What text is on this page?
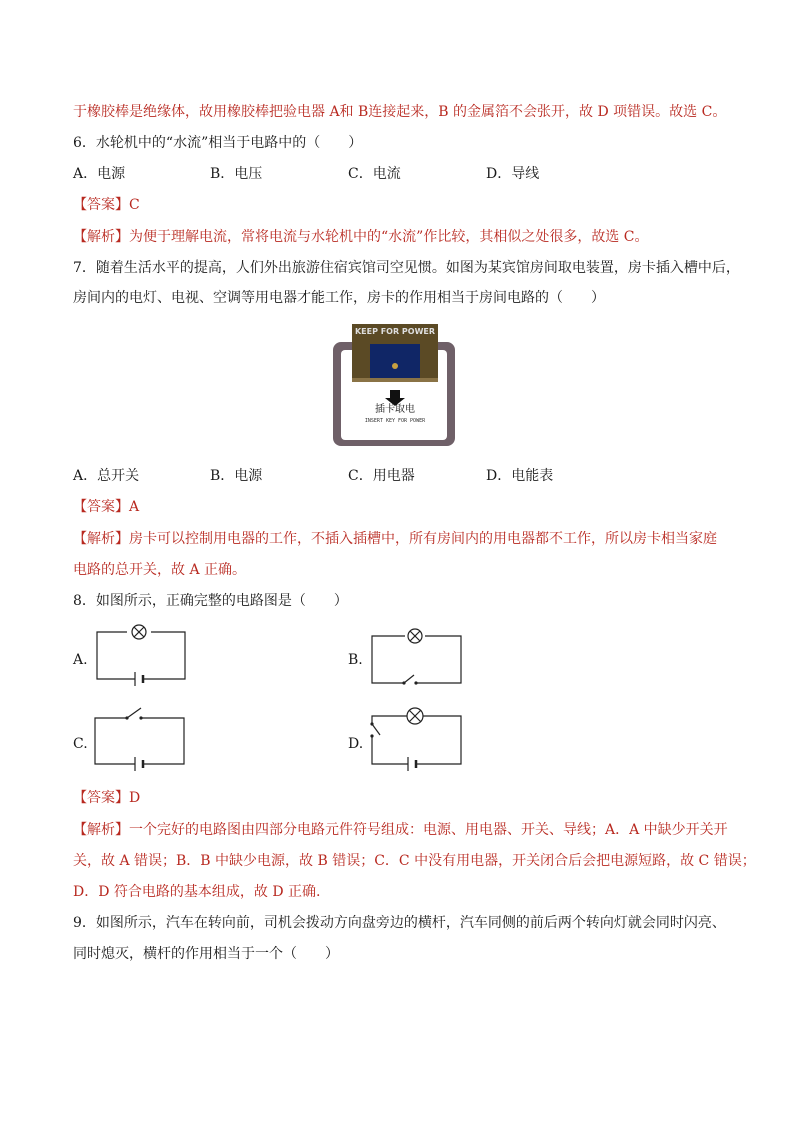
于橡胶棒是绝缘体，故用橡胶棒把验电器 A和 B连接起来，B 的金属箔不会张开，故 D 项错误。故选 C。
6．水轮机中的“水流”相当于电路中的（　　）
A．电源	B．电压	C．电流	D．导线
【答案】C
【解析】为便于理解电流，常将电流与水轮机中的“水流”作比较，其相似之处很多，故选 C。
7．随着生活水平的提高，人们外出旅游住宿宾馆司空见惯。如图为某宾馆房间取电装置，房卡插入槽中后，
房间内的电灯、电视、空调等用电器才能工作，房卡的作用相当于房间电路的（　　）
KEEP FOR POWER
插卡取电
INSERT KEY FOR POWER
A．总开关	B．电源	C．用电器	D．电能表
【答案】A
【解析】房卡可以控制用电器的工作，不插入插槽中，所有房间内的用电器都不工作，所以房卡相当家庭
电路的总开关，故 A 正确。
8．如图所示，正确完整的电路图是（　　）
A.	B.
C.	D.
【答案】D
【解析】一个完好的电路图由四部分电路元件符号组成：电源、用电器、开关、导线；A．A 中缺少开关开
关，故 A 错误；B．B 中缺少电源，故 B 错误；C．C 中没有用电器，开关闭合后会把电源短路，故 C 错误；
D．D 符合电路的基本组成，故 D 正确.
9．如图所示，汽车在转向前，司机会拨动方向盘旁边的横杆，汽车同侧的前后两个转向灯就会同时闪亮、
同时熄灭，横杆的作用相当于一个（　　）
